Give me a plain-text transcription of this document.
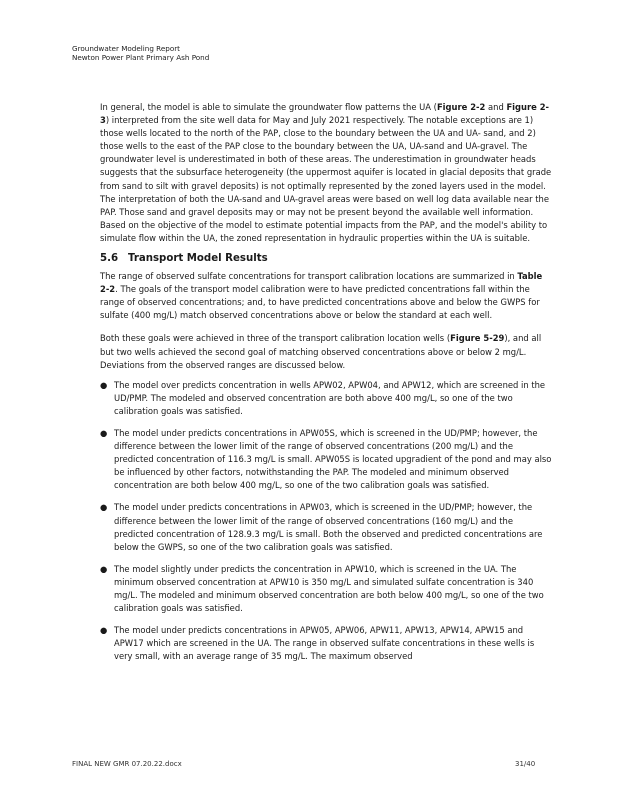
Groundwater Modeling Report
Newton Power Plant Primary Ash Pond

In general, the model is able to simulate the groundwater flow patterns the UA (Figure 2-2 and Figure 2-3) interpreted from the site well data for May and July 2021 respectively. The notable exceptions are 1) those wells located to the north of the PAP, close to the boundary between the UA and UA- sand, and 2) those wells to the east of the PAP close to the boundary between the UA, UA-sand and UA-gravel. The groundwater level is underestimated in both of these areas. The underestimation in groundwater heads suggests that the subsurface heterogeneity (the uppermost aquifer is located in glacial deposits that grade from sand to silt with gravel deposits) is not optimally represented by the zoned layers used in the model. The interpretation of both the UA-sand and UA-gravel areas were based on well log data available near the PAP. Those sand and gravel deposits may or may not be present beyond the available well information. Based on the objective of the model to estimate potential impacts from the PAP, and the model's ability to simulate flow within the UA, the zoned representation in hydraulic properties within the UA is suitable.

5.6 Transport Model Results

The range of observed sulfate concentrations for transport calibration locations are summarized in Table 2-2. The goals of the transport model calibration were to have predicted concentrations fall within the range of observed concentrations; and, to have predicted concentrations above and below the GWPS for sulfate (400 mg/L) match observed concentrations above or below the standard at each well.

Both these goals were achieved in three of the transport calibration location wells (Figure 5-29), and all but two wells achieved the second goal of matching observed concentrations above or below 2 mg/L. Deviations from the observed ranges are discussed below.

● The model over predicts concentration in wells APW02, APW04, and APW12, which are screened in the UD/PMP. The modeled and observed concentration are both above 400 mg/L, so one of the two calibration goals was satisfied.
● The model under predicts concentrations in APW05S, which is screened in the UD/PMP; however, the difference between the lower limit of the range of observed concentrations (200 mg/L) and the predicted concentration of 116.3 mg/L is small. APW05S is located upgradient of the pond and may also be influenced by other factors, notwithstanding the PAP. The modeled and minimum observed concentration are both below 400 mg/L, so one of the two calibration goals was satisfied.
● The model under predicts concentrations in APW03, which is screened in the UD/PMP; however, the difference between the lower limit of the range of observed concentrations (160 mg/L) and the predicted concentration of 128.9.3 mg/L is small. Both the observed and predicted concentrations are below the GWPS, so one of the two calibration goals was satisfied.
● The model slightly under predicts the concentration in APW10, which is screened in the UA. The minimum observed concentration at APW10 is 350 mg/L and simulated sulfate concentration is 340 mg/L. The modeled and minimum observed concentration are both below 400 mg/L, so one of the two calibration goals was satisfied.
● The model under predicts concentrations in APW05, APW06, APW11, APW13, APW14, APW15 and APW17 which are screened in the UA. The range in observed sulfate concentrations in these wells is very small, with an average range of 35 mg/L. The maximum observed
FINAL NEW GMR 07.20.22.docx	31/40
